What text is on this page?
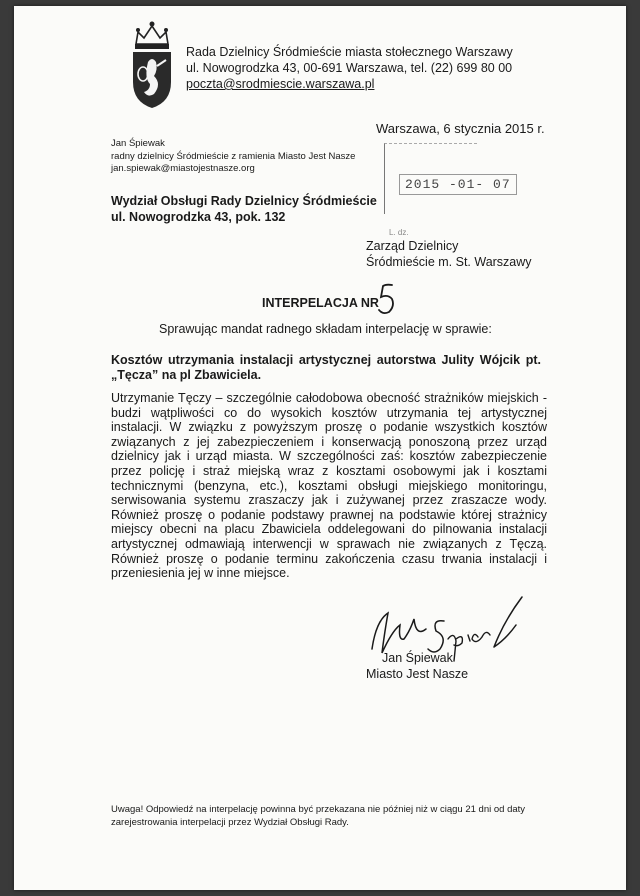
Rada Dzielnicy Śródmieście miasta stołecznego Warszawy
ul. Nowogrodzka 43, 00-691 Warszawa, tel. (22) 699 80 00
poczta@srodmiescie.warszawa.pl
Warszawa, 6 stycznia 2015 r.
Jan Śpiewak
radny dzielnicy Śródmieście z ramienia Miasto Jest Nasze
jan.spiewak@miastojestnasze.org
2015 -01- 07
L. dz.
Wydział Obsługi Rady Dzielnicy Śródmieście
ul. Nowogrodzka 43, pok. 132
Zarząd Dzielnicy
Śródmieście m. St. Warszawy
INTERPELACJA NR
Sprawując mandat radnego składam interpelację w sprawie:
Kosztów utrzymania instalacji artystycznej autorstwa Julity Wójcik pt. „Tęcza” na pl Zbawiciela.
Utrzymanie Tęczy – szczególnie całodobowa obecność strażników miejskich - budzi wątpliwości co do wysokich kosztów utrzymania tej artystycznej instalacji. W związku z powyższym proszę o podanie wszystkich kosztów związanych z jej zabezpieczeniem i konserwacją ponoszoną przez urząd dzielnicy jak i urząd miasta. W szczególności zaś: kosztów zabezpieczenie przez policję i straż miejską wraz z kosztami osobowymi jak i kosztami technicznymi (benzyna, etc.), kosztami obsługi miejskiego monitoringu, serwisowania systemu zraszaczy jak i zużywanej przez zraszacze wody. Również proszę o podanie podstawy prawnej na podstawie której strażnicy miejscy obecni na placu Zbawiciela oddelegowani do pilnowania instalacji artystycznej odmawiają interwencji w sprawach nie związanych z Tęczą. Również proszę o podanie terminu zakończenia czasu trwania instalacji i przeniesienia jej w inne miejsce.
Jan Śpiewak
Miasto Jest Nasze
Uwaga! Odpowiedź na interpelację powinna być przekazana nie później niż w ciągu 21 dni od daty zarejestrowania interpelacji przez Wydział Obsługi Rady.
